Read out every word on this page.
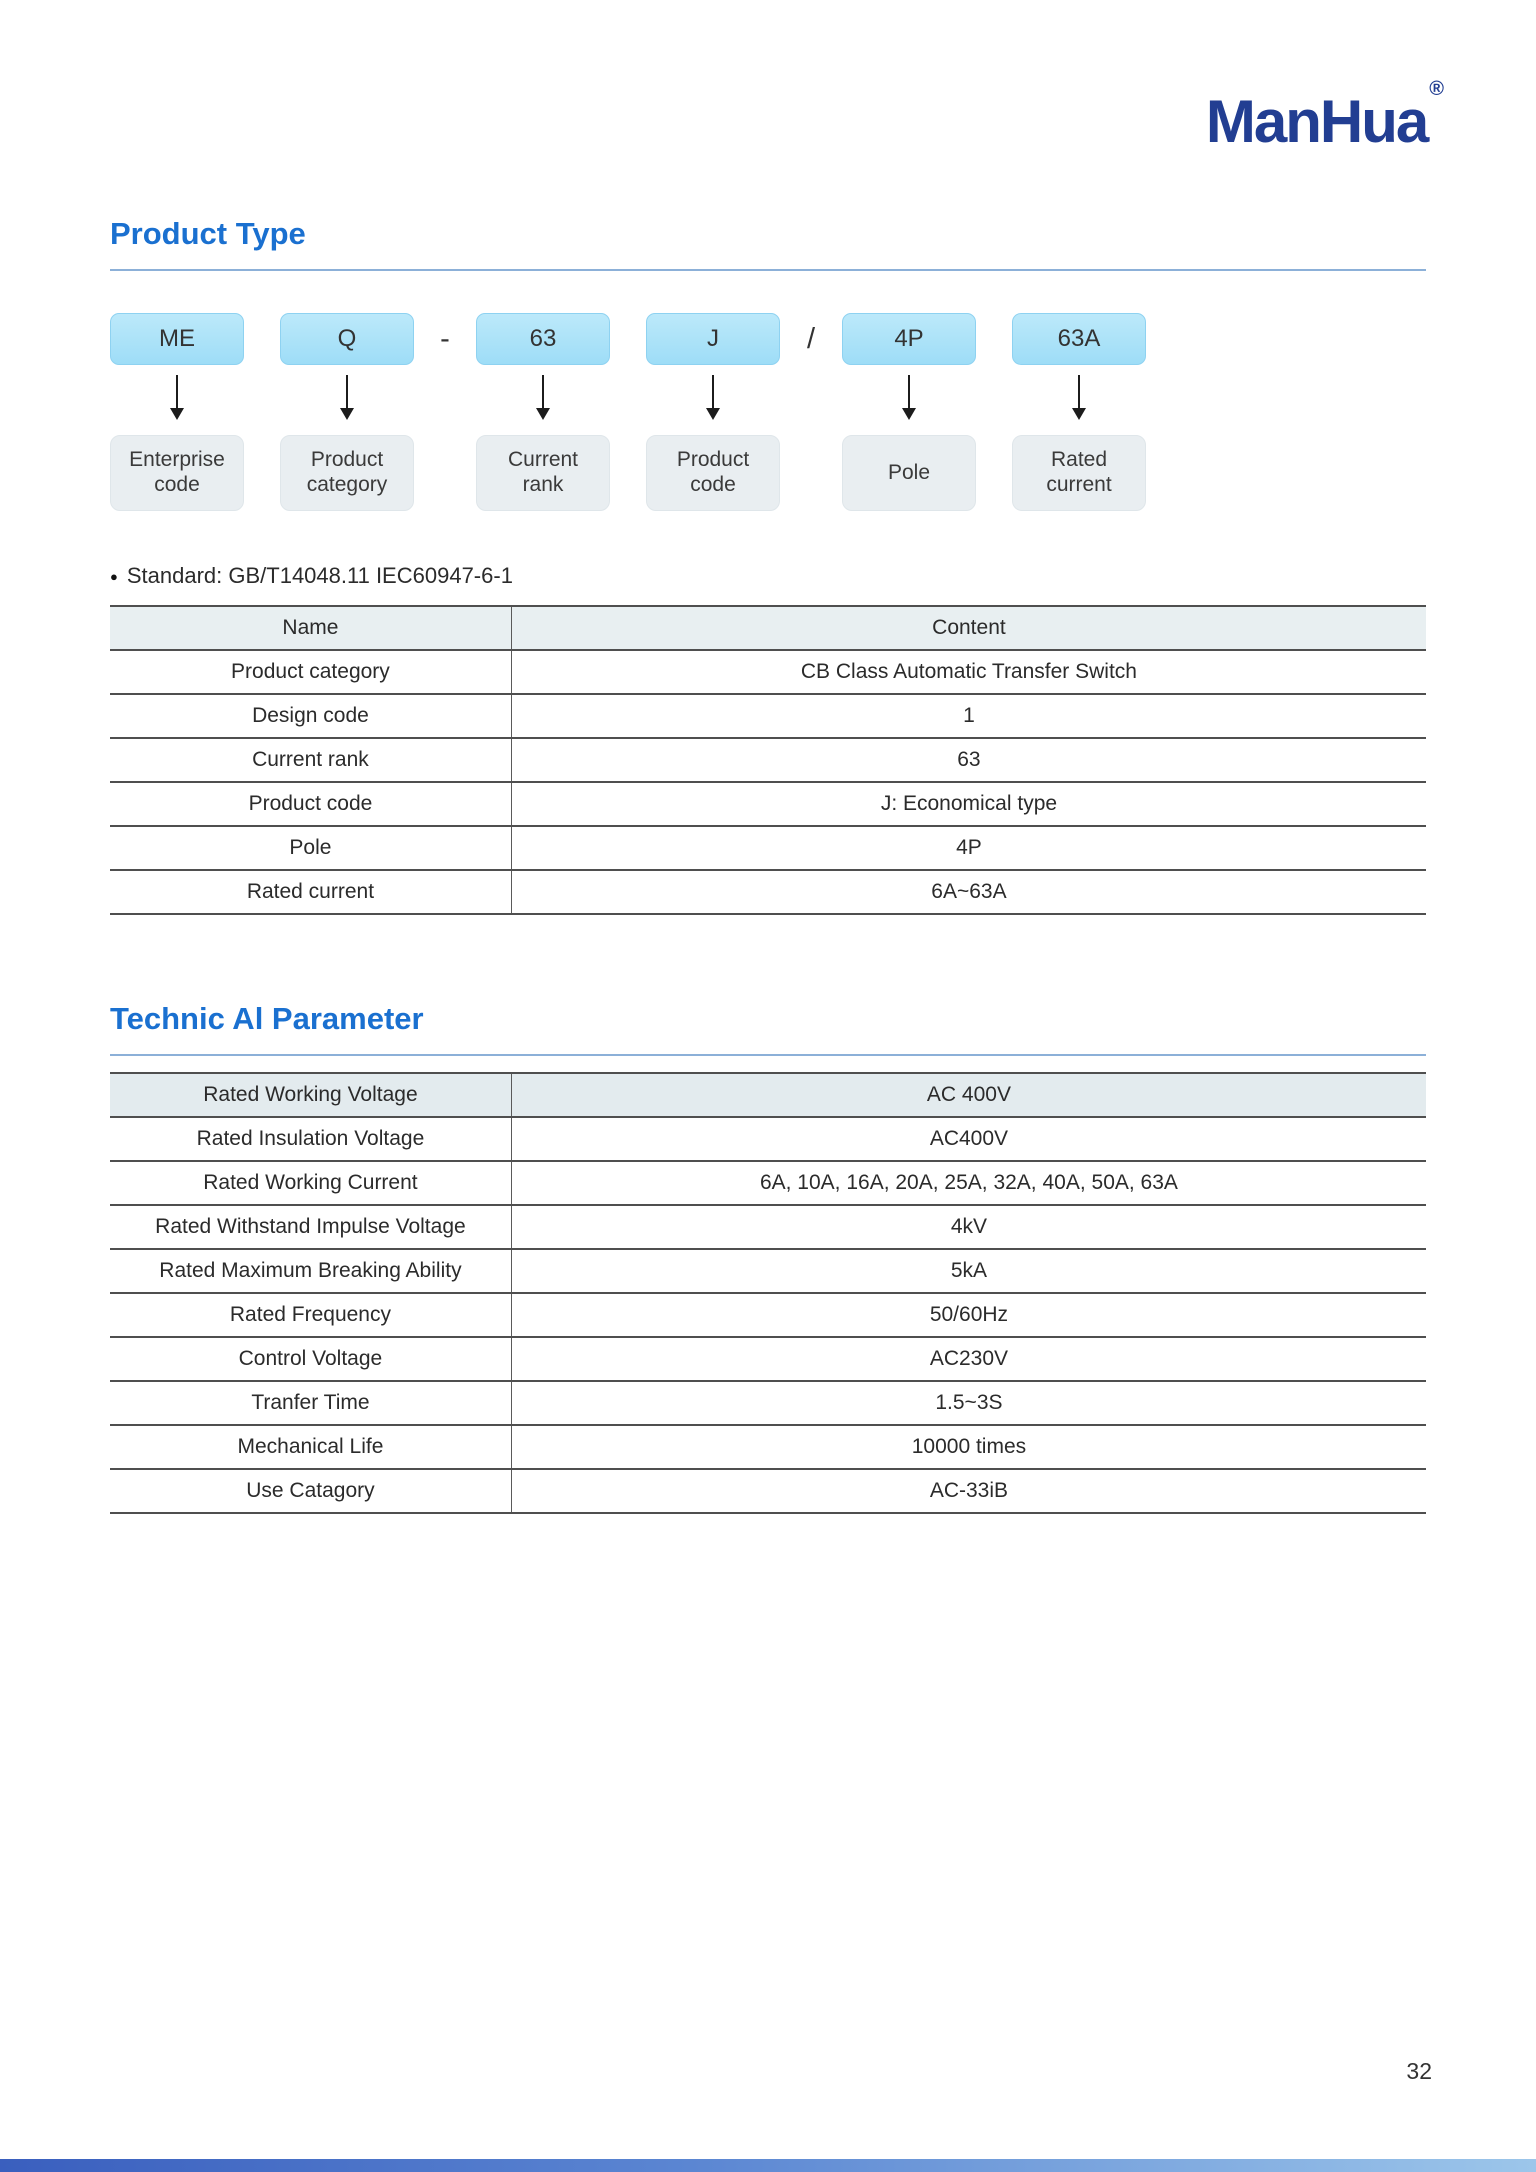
ManHua ®
Product Type
ME
Enterprise code
Q
Product category
-	63
Current rank
J
Product code
/	4P
Pole
63A
Rated current
● Standard: GB/T14048.11 IEC60947-6-1
Name	Content
Product category	CB Class Automatic Transfer Switch
Design code	1
Current rank	63
Product code	J: Economical type
Pole	4P
Rated current	6A~63A
Technic Al Parameter
Rated Working Voltage	AC 400V
Rated Insulation Voltage	AC400V
Rated Working Current	6A, 10A, 16A, 20A, 25A, 32A, 40A, 50A, 63A
Rated Withstand Impulse Voltage	4kV
Rated Maximum Breaking Ability	5kA
Rated Frequency	50/60Hz
Control Voltage	AC230V
Tranfer Time	1.5~3S
Mechanical Life	10000 times
Use Catagory	AC-33iB
32
